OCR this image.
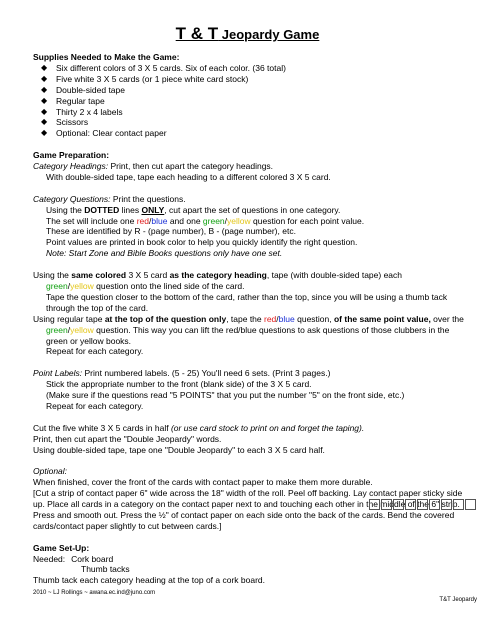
T & T Jeopardy Game

Supplies Needed to Make the Game:

◆ Six different colors of 3 X 5 cards. Six of each color. (36 total)
◆ Five white 3 X 5 cards (or 1 piece white card stock)
◆ Double-sided tape
◆ Regular tape
◆ Thirty 2 x 4 labels
◆ Scissors
◆ Optional: Clear contact paper

Game Preparation:

Category Headings: Print, then cut apart the category headings.

With double-sided tape, tape each heading to a different colored 3 X 5 card.

Category Questions: Print the questions.

Using the DOTTED lines ONLY, cut apart the set of questions in one category.

The set will include one red/blue and one green/yellow question for each point value.

These are identified by R - (page number), B - (page number), etc.

Point values are printed in book color to help you quickly identify the right question.

Note: Start Zone and Bible Books questions only have one set.

Using the same colored 3 X 5 card as the category heading, tape (with double-sided tape) each

green/yellow question onto the lined side of the card.

Tape the question closer to the bottom of the card, rather than the top, since you will be using a thumb tack through the top of the card.

Using regular tape at the top of the question only, tape the red/blue question, of the same point value, over the green/yellow question. This way you can lift the red/blue questions to ask questions of those clubbers in the green or yellow books.

Repeat for each category.

Point Labels: Print numbered labels. (5 - 25) You'll need 6 sets. (Print 3 pages.)

Stick the appropriate number to the front (blank side) of the 3 X 5 card.

(Make sure if the questions read "5 POINTS" that you put the number "5" on the front side, etc.)

Repeat for each category.

Cut the five white 3 X 5 cards in half (or use card stock to print on and forget the taping).

Print, then cut apart the "Double Jeopardy" words.

Using double-sided tape, tape one "Double Jeopardy" to each 3 X 5 card half.

Optional:

When finished, cover the front of the cards with contact paper to make them more durable.

[Cut a strip of contact paper 6" wide across the 18" width of the roll. Peel off backing. Lay contact paper sticky side up. Place all cards in a category on the contact paper next to and touching each other in the middle of the 6" strip. Press and smooth out. Press the ½" of contact paper on each side onto the back of the cards. Bend the covered cards/contact paper slightly to cut between cards.]

Game Set-Up:

Needed: Cork board

Thumb tacks

Thumb tack each category heading at the top of a cork board.

2010 ~ LJ Rollings ~ awana.ec.ind@juno.com
T&T Jeopardy
